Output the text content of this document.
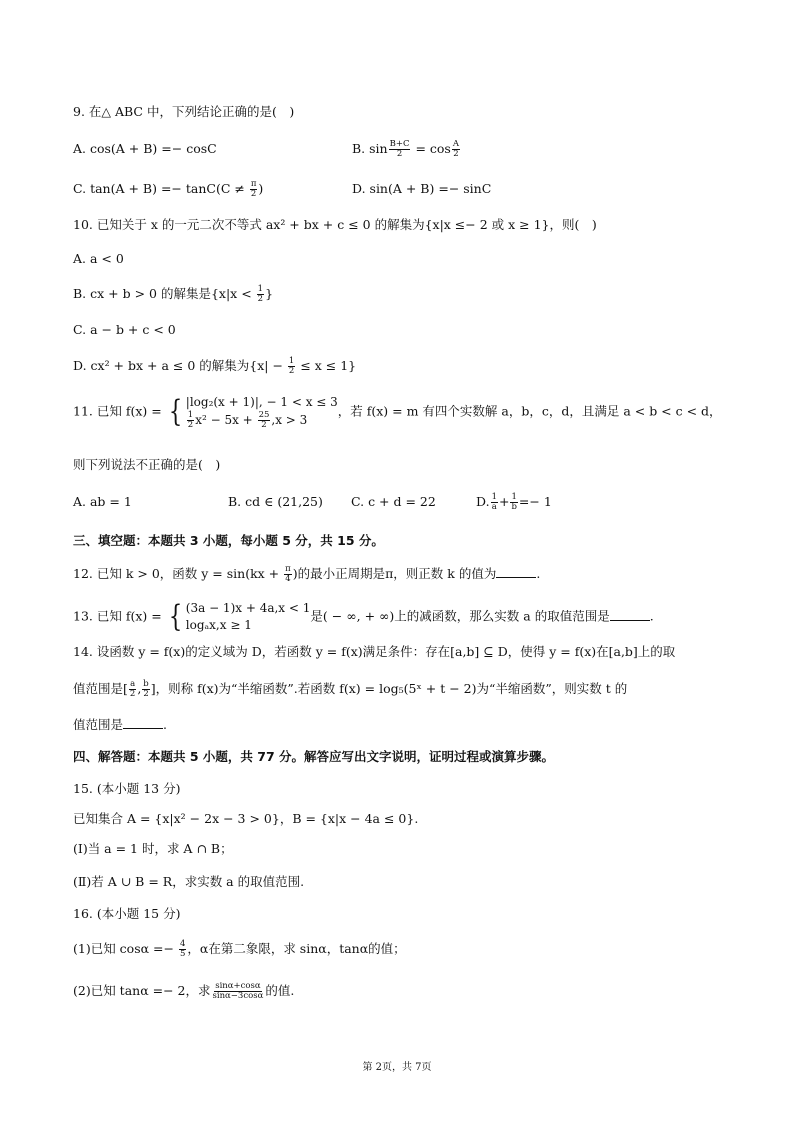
9. 在△ ABC 中，下列结论正确的是( )
A. cos(A + B) =− cosC	B. $\sin \frac{B+C}{2} = \cos \frac{A}{2}$
C. $\tan(A + B) =- \tan C(C \ne \frac{\pi}{2}$ )	D. sin(A + B) =− sinC
10. 已知关于 x 的一元二次不等式 ax² + bx + c ≤ 0 的解集为{x|x ≤− 2 或 x ≥ 1}，则( )
A. a < 0
B. cx + b > 0 的解集是{$x|x < \frac{1}{2}$ }
C. a − b + c < 0
D. cx² + bx + a ≤ 0 的解集为$\{x| - \frac{1}{2} \le x \le 1\}$
11. 已知 f(x) = { |log₂(x + 1)|, − 1 < x ≤ 3
$\frac{1}{2} x^2 - 5x + \frac{25}{2} ,x > 3$
，若 f(x) = m 有四个实数解 a，b，c，d，且满足 a < b < c < d，
则下列说法不正确的是( )
A. ab = 1	B. cd ∈ (21,25) C. c + d = 22	D. $\frac{1}{a} + \frac{1}{b} =- 1$
三、填空题：本题共 3 小题，每小题 5 分，共 15 分。
12. 已知 k > 0，函数 $y = \sin(kx + \frac{\pi}{4}$ )的最小正周期是π，则正数 k 的值为	.
13. 已知 f(x) = { (3a − 1)x + 4a,x < 1
logₐx,x ≥ 1
是( − ∞, + ∞)上的减函数，那么实数 a 的取值范围是	.
14. 设函数 y = f(x)的定义域为 D，若函数 y = f(x)满足条件：存在[a,b] ⊆ D，使得 y = f(x)在[a,b]上的取
值范围是[ $\frac{a}{2}$ , $\frac{b}{2}$ ]，则称 f(x)为“半缩函数”.若函数 f(x) = log₅(5ˣ + t − 2)为“半缩函数”，则实数 t 的
值范围是	.
四、解答题：本题共 5 小题，共 77 分。解答应写出文字说明，证明过程或演算步骤。
15. (本小题 13 分)
已知集合 A = {x|x² − 2x − 3 > 0}，B = {x|x − 4a ≤ 0}.
(Ⅰ)当 a = 1 时，求 A ∩ B；
(Ⅱ)若 A ∪ B = R，求实数 a 的取值范围.
16. (本小题 15 分)
(1)已知 $\cos\alpha =- \frac{4}{5}$ ，α在第二象限，求 sinα，tanα的值；
(2)已知 tanα =− 2，求 $\frac{\sin\alpha+\cos\alpha}{\sin\alpha-3\cos\alpha}$ 的值.
第 2页，共 7页
